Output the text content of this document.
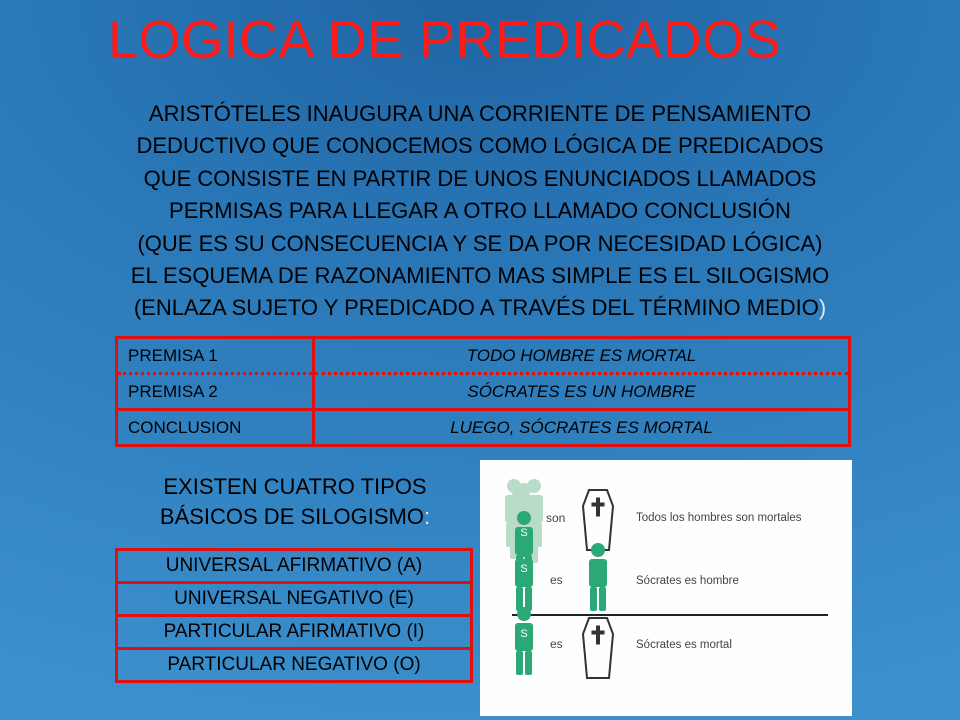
LOGICA DE PREDICADOS

ARISTÓTELES INAUGURA UNA CORRIENTE DE PENSAMIENTO
DEDUCTIVO QUE CONOCEMOS COMO LÓGICA DE PREDICADOS
QUE CONSISTE EN PARTIR DE UNOS ENUNCIADOS LLAMADOS
PERMISAS PARA LLEGAR A OTRO LLAMADO CONCLUSIÓN
(QUE ES SU CONSECUENCIA Y SE DA POR NECESIDAD LÓGICA)
EL ESQUEMA DE RAZONAMIENTO MAS SIMPLE ES EL SILOGISMO
(ENLAZA SUJETO Y PREDICADO A TRAVÉS DEL TÉRMINO MEDIO)

PREMISA 1	TODO HOMBRE ES MORTAL
PREMISA 2	SÓCRATES ES UN HOMBRE
CONCLUSION	LUEGO, SÓCRATES ES MORTAL
EXISTEN CUATRO TIPOS
BÁSICOS DE SILOGISMO:
UNIVERSAL AFIRMATIVO (A)
UNIVERSAL NEGATIVO (E)
PARTICULAR AFIRMATIVO (I)
PARTICULAR NEGATIVO (O)
S
son	Todos los hombres son mortales
S
es	Sócrates es hombre
S
es	Sócrates es mortal
